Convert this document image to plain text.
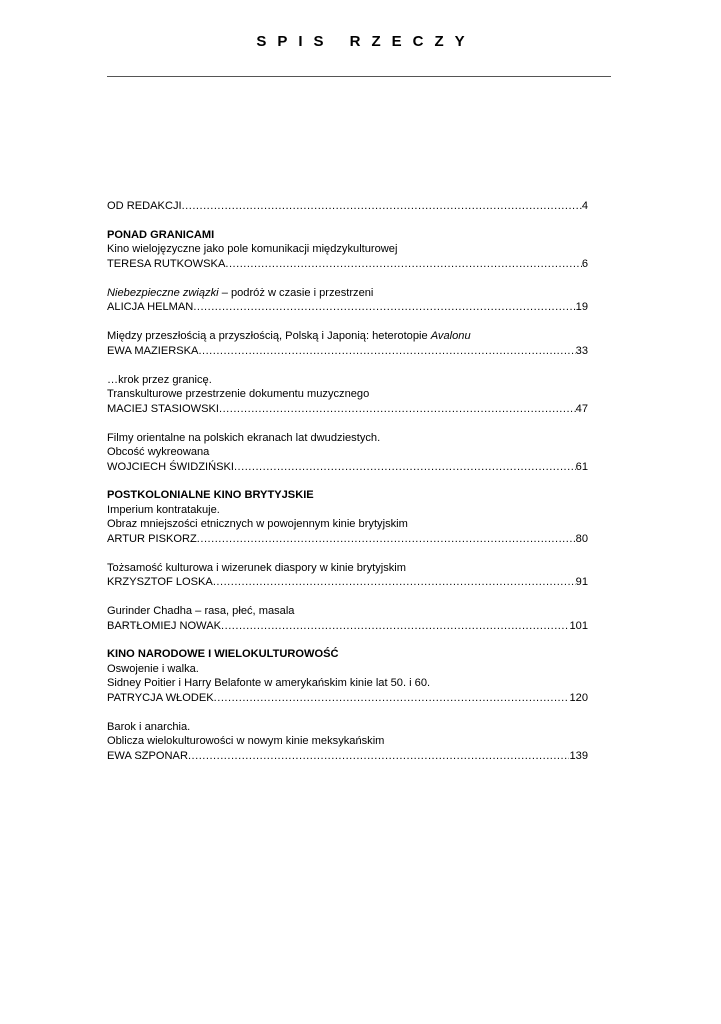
SPIS RZECZY
OD REDAKCJI .....	4
PONAD GRANICAMI
Kino wielojęzyczne jako pole komunikacji międzykulturowej
TERESA RUTKOWSKA .....	6
Niebezpieczne związki – podróż w czasie i przestrzeni
ALICJA HELMAN .....	19
Między przeszłością a przyszłością, Polską i Japonią: heterotopie Avalonu
EWA MAZIERSKA .....	33
…krok przez granicę.
Transkulturowe przestrzenie dokumentu muzycznego
MACIEJ STASIOWSKI .....	47
Filmy orientalne na polskich ekranach lat dwudziestych.
Obcość wykreowana
WOJCIECH ŚWIDZIŃSKI .....	61
POSTKOLONIALNE KINO BRYTYJSKIE
Imperium kontratakuje.
Obraz mniejszości etnicznych w powojennym kinie brytyjskim
ARTUR PISKORZ .....	80
Tożsamość kulturowa i wizerunek diaspory w kinie brytyjskim
KRZYSZTOF LOSKA .....	91
Gurinder Chadha – rasa, płeć, masala
BARTŁOMIEJ NOWAK .....	101
KINO NARODOWE I WIELOKULTUROWOŚĆ
Oswojenie i walka.
Sidney Poitier i Harry Belafonte w amerykańskim kinie lat 50. i 60.
PATRYCJA WŁODEK .....	120
Barok i anarchia.
Oblicza wielokulturowości w nowym kinie meksykańskim
EWA SZPONAR .....	139
